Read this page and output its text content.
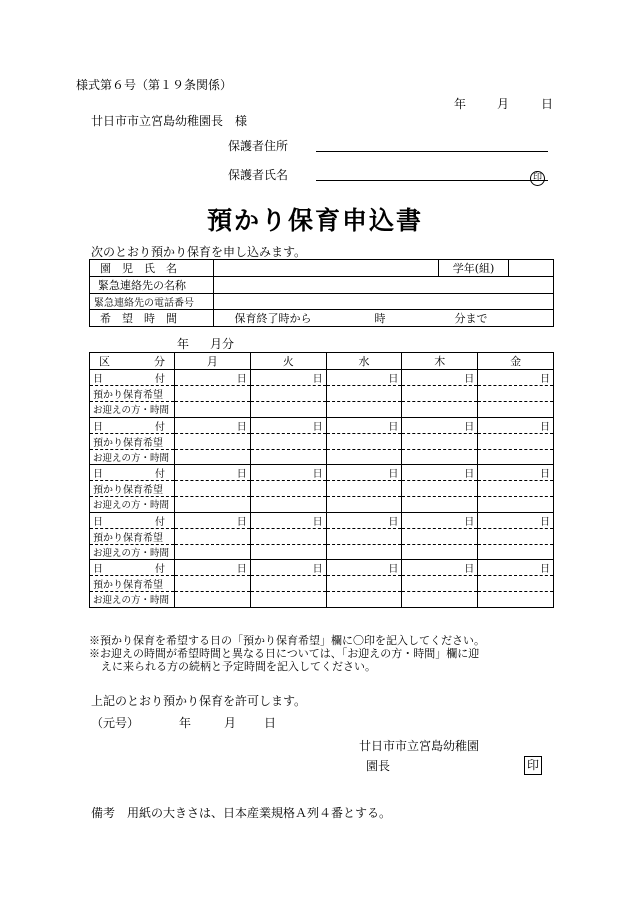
様式第６号（第１９条関係）
年	月	日
廿日市市立宮島幼稚園長　様
保護者住所
保護者氏名	印
預かり保育申込書
次のとおり預かり保育を申し込みます。
園　児　氏　名		学年(組)	
緊急連絡先の名称			
緊急連絡先の電話番号			
希　望　時　間	保育終了時から 時 分まで		
年 月分
区 分	月	火	水	木	金

日 付	日	日	日	日	日
預かり保育希望					
お迎えの方・時間					

日 付	日	日	日	日	日
預かり保育希望					
お迎えの方・時間					

日 付	日	日	日	日	日
預かり保育希望					
お迎えの方・時間					

日 付	日	日	日	日	日
預かり保育希望					
お迎えの方・時間					

日 付	日	日	日	日	日
預かり保育希望					
お迎えの方・時間					
※預かり保育を希望する日の「預かり保育希望」欄に〇印を記入してください。
※お迎えの時間が希望時間と異なる日については、「お迎えの方・時間」欄に迎
えに来られる方の続柄と予定時間を記入してください。
上記のとおり預かり保育を許可します。
（元号）	年	月 日
廿日市市立宮島幼稚園
園長	印
備考　用紙の大きさは、日本産業規格Ａ列４番とする。
